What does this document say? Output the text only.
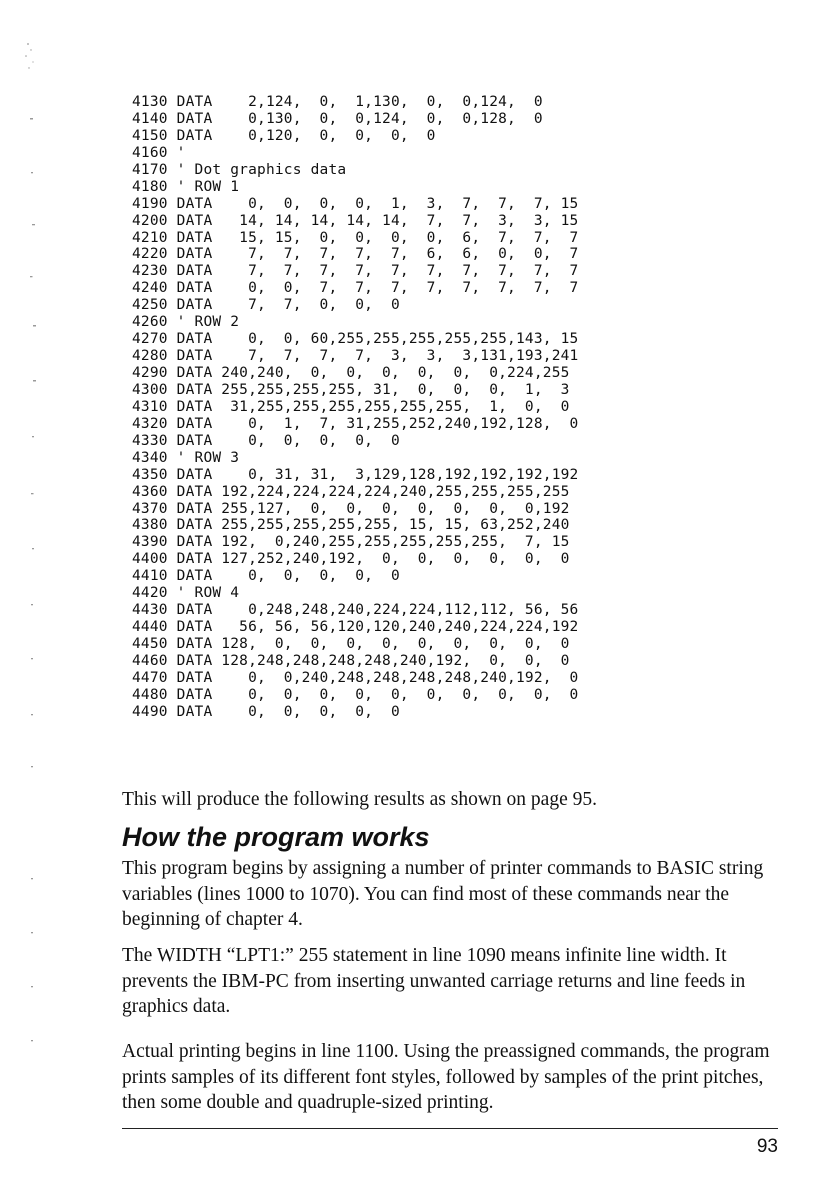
4130 DATA    2,124,  0,  1,130,  0,  0,124,  0
4140 DATA    0,130,  0,  0,124,  0,  0,128,  0
4150 DATA    0,120,  0,  0,  0,  0
4160 '
4170 ' Dot graphics data
4180 ' ROW 1
4190 DATA    0,  0,  0,  0,  1,  3,  7,  7,  7, 15
4200 DATA   14, 14, 14, 14, 14,  7,  7,  3,  3, 15
4210 DATA   15, 15,  0,  0,  0,  0,  6,  7,  7,  7
4220 DATA    7,  7,  7,  7,  7,  6,  6,  0,  0,  7
4230 DATA    7,  7,  7,  7,  7,  7,  7,  7,  7,  7
4240 DATA    0,  0,  7,  7,  7,  7,  7,  7,  7,  7
4250 DATA    7,  7,  0,  0,  0
4260 ' ROW 2
4270 DATA    0,  0, 60,255,255,255,255,255,143, 15
4280 DATA    7,  7,  7,  7,  3,  3,  3,131,193,241
4290 DATA 240,240,  0,  0,  0,  0,  0,  0,224,255
4300 DATA 255,255,255,255, 31,  0,  0,  0,  1,  3
4310 DATA  31,255,255,255,255,255,255,  1,  0,  0
4320 DATA    0,  1,  7, 31,255,252,240,192,128,  0
4330 DATA    0,  0,  0,  0,  0
4340 ' ROW 3
4350 DATA    0, 31, 31,  3,129,128,192,192,192,192
4360 DATA 192,224,224,224,224,240,255,255,255,255
4370 DATA 255,127,  0,  0,  0,  0,  0,  0,  0,192
4380 DATA 255,255,255,255,255, 15, 15, 63,252,240
4390 DATA 192,  0,240,255,255,255,255,255,  7, 15
4400 DATA 127,252,240,192,  0,  0,  0,  0,  0,  0
4410 DATA    0,  0,  0,  0,  0
4420 ' ROW 4
4430 DATA    0,248,248,240,224,224,112,112, 56, 56
4440 DATA   56, 56, 56,120,120,240,240,224,224,192
4450 DATA 128,  0,  0,  0,  0,  0,  0,  0,  0,  0
4460 DATA 128,248,248,248,248,240,192,  0,  0,  0
4470 DATA    0,  0,240,248,248,248,248,240,192,  0
4480 DATA    0,  0,  0,  0,  0,  0,  0,  0,  0,  0
4490 DATA    0,  0,  0,  0,  0

This will produce the following results as shown on page 95.

How the program works

This program begins by assigning a number of printer commands to BASIC string variables (lines 1000 to 1070). You can find most of these commands near the beginning of chapter 4.

The WIDTH “LPT1:” 255 statement in line 1090 means infinite line width. It prevents the IBM-PC from inserting unwanted carriage returns and line feeds in graphics data.

Actual printing begins in line 1100. Using the preassigned commands, the program prints samples of its different font styles, followed by samples of the print pitches, then some double and quadruple-sized printing.

93
